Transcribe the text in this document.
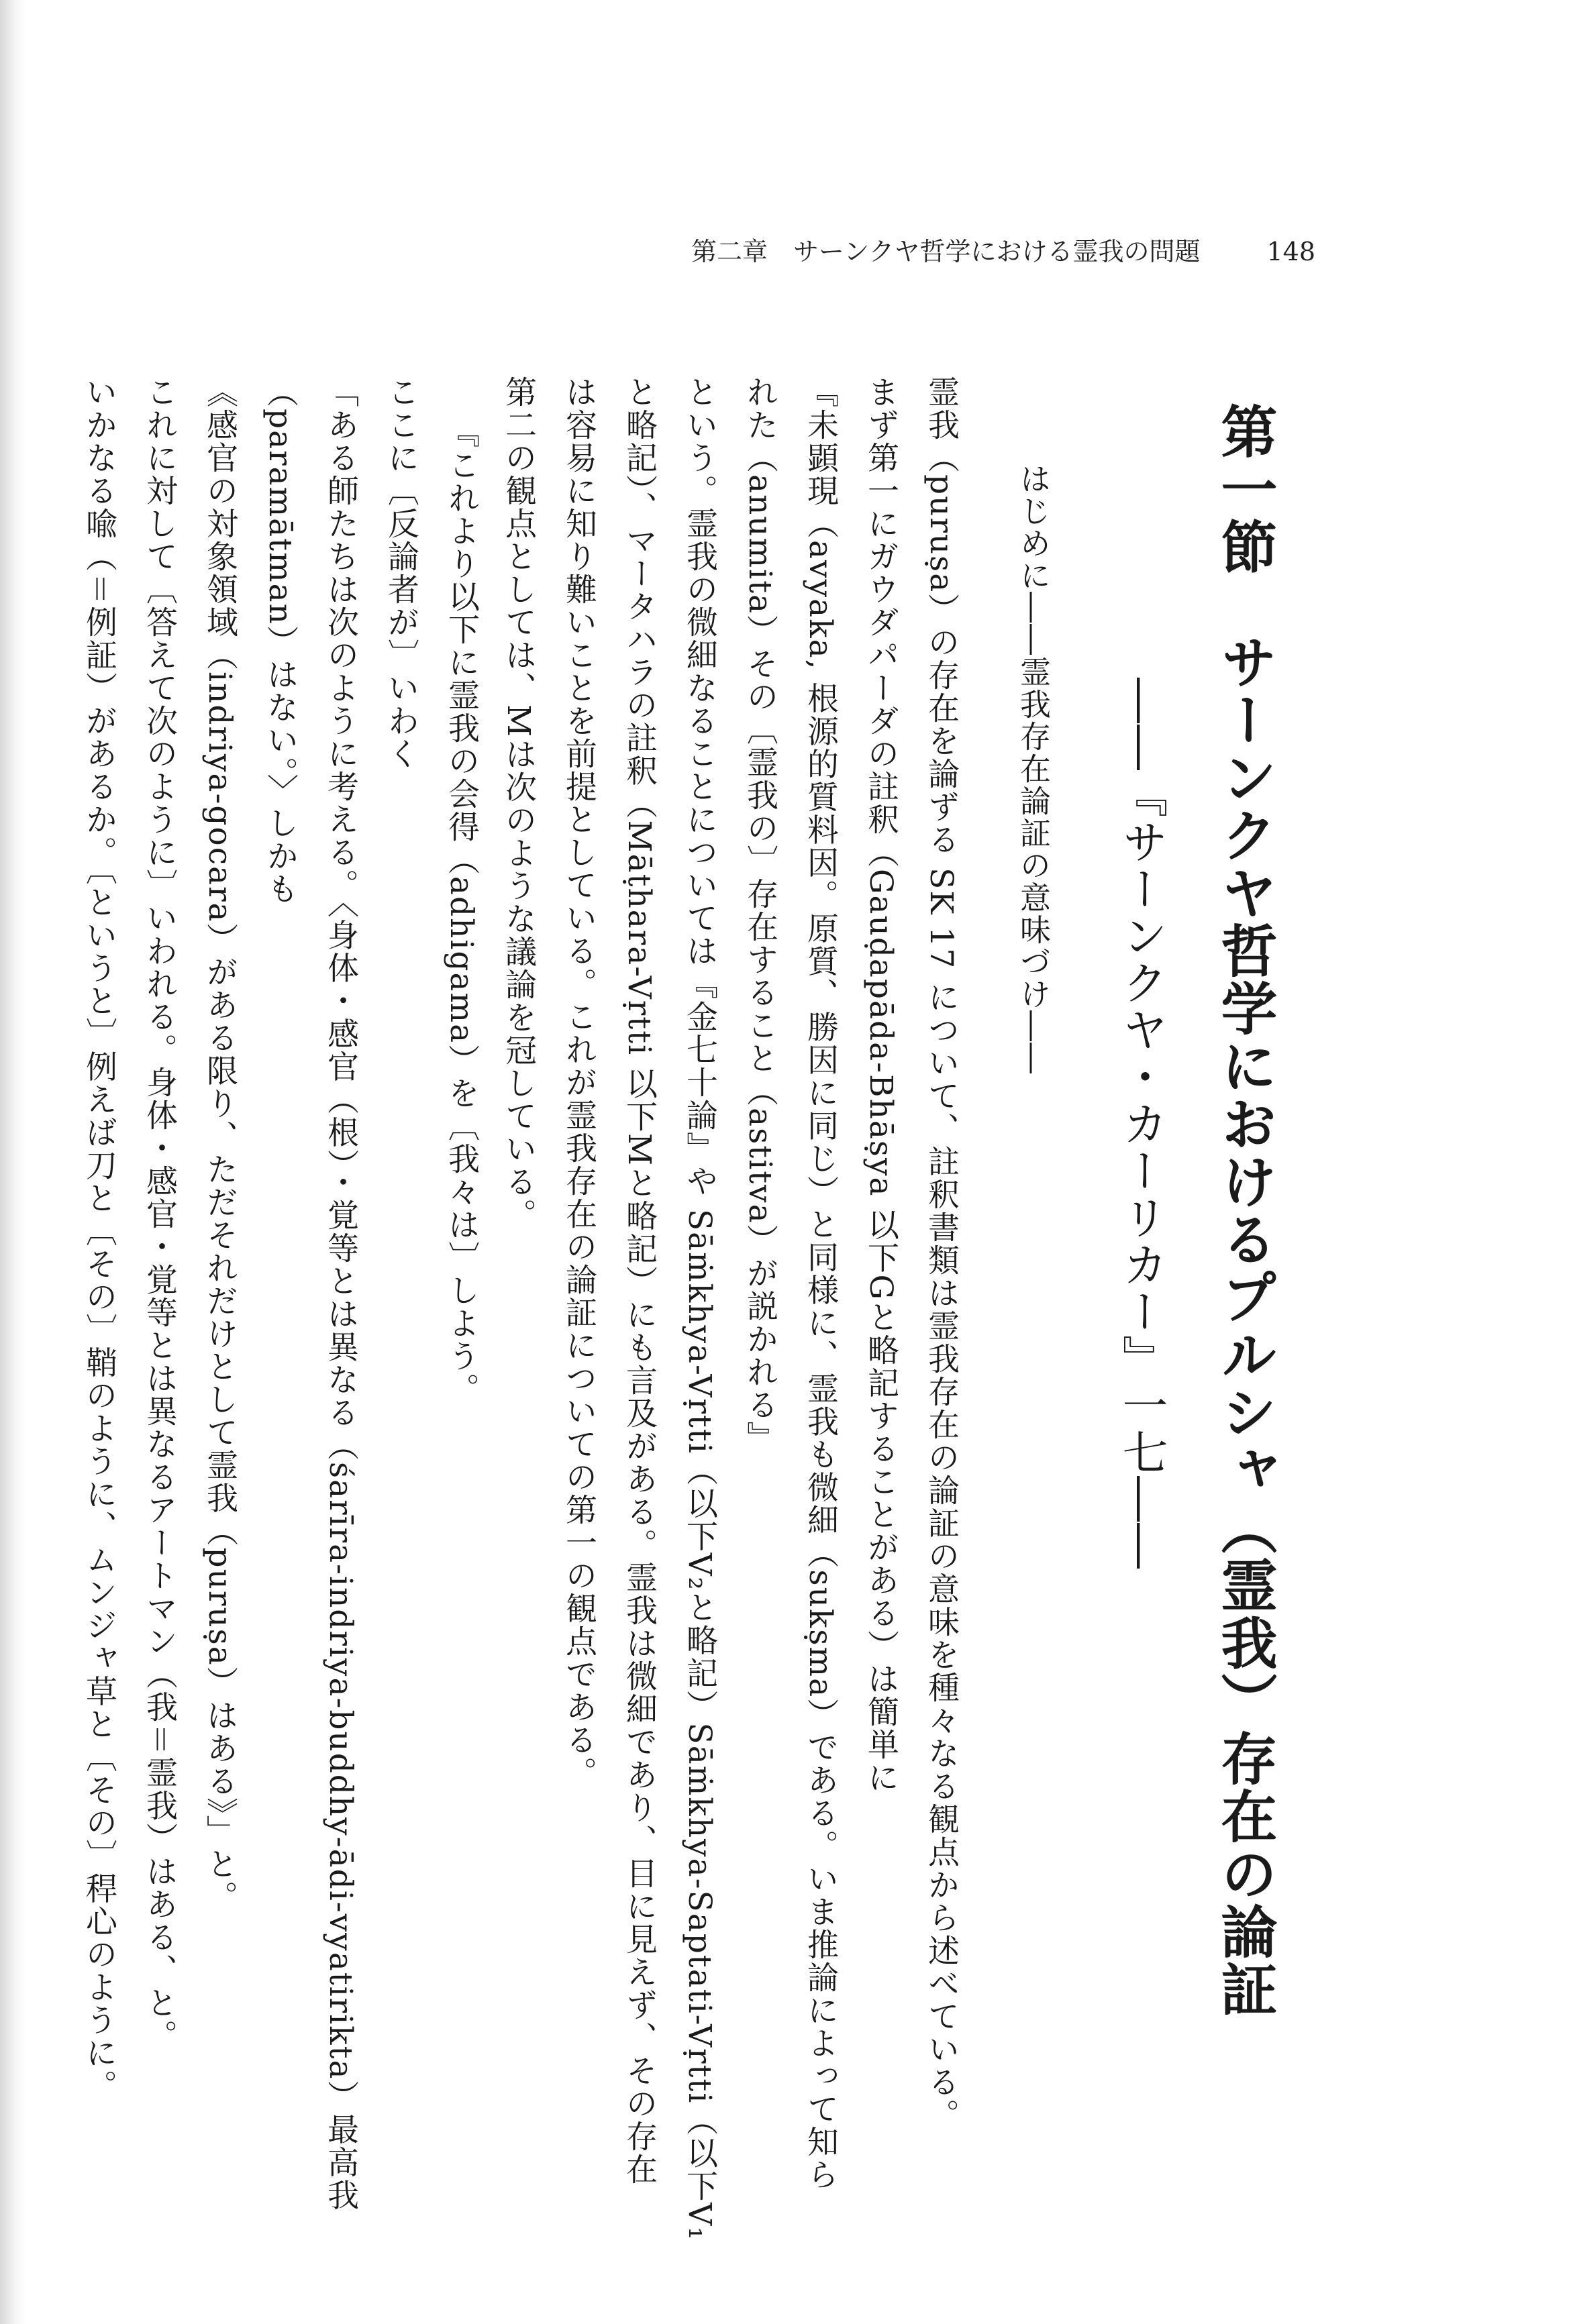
第二章　サーンクヤ哲学における霊我の問題	148
第一節　サーンクヤ哲学におけるプルシャ（霊我）存在の論証
――『サーンクヤ・カーリカー』一七――
はじめに――霊我存在論証の意味づけ――
霊我（puruṣa）の存在を論ずる SK 17 について、註釈書類は霊我存在の論証の意味を種々なる観点から述べている。
まず第一にガウダパーダの註釈（Gauḍapāda-Bhāṣya 以下Gと略記することがある）は簡単に
『未顕現（avyaka, 根源的質料因。原質、勝因に同じ）と同様に、霊我も微細（sukṣma）である。いま推論によって知ら
れた（anumita）その〔霊我の〕存在すること（astitva）が説かれる』
という。霊我の微細なることについては『金七十論』や Sāṁkhya-Vṛtti（以下V₂と略記）Sāṁkhya-Saptati-Vṛtti（以下V₁
と略記）、マータハラの註釈（Māṭhara-Vṛtti 以下Mと略記）にも言及がある。霊我は微細であり、目に見えず、その存在
は容易に知り難いことを前提としている。これが霊我存在の論証についての第一の観点である。
第二の観点としては、Mは次のような議論を冠している。
『これより以下に霊我の会得（adhigama）を〔我々は〕しよう。
ここに〔反論者が〕いわく
「ある師たちは次のように考える。〈身体・感官（根）・覚等とは異なる（śarīra-indriya-buddhy-ādi-vyatirikta）最高我
（paramātman）はない。〉しかも
《感官の対象領域（indriya-gocara）がある限り、ただそれだけとして霊我（puruṣa）はある》」と。
これに対して〔答えて次のように〕いわれる。身体・感官・覚等とは異なるアートマン（我＝霊我）はある、と。
いかなる喩（＝例証）があるか。〔というと〕例えば刀と〔その〕鞘のように、ムンジャ草と〔その〕稈心のように。
